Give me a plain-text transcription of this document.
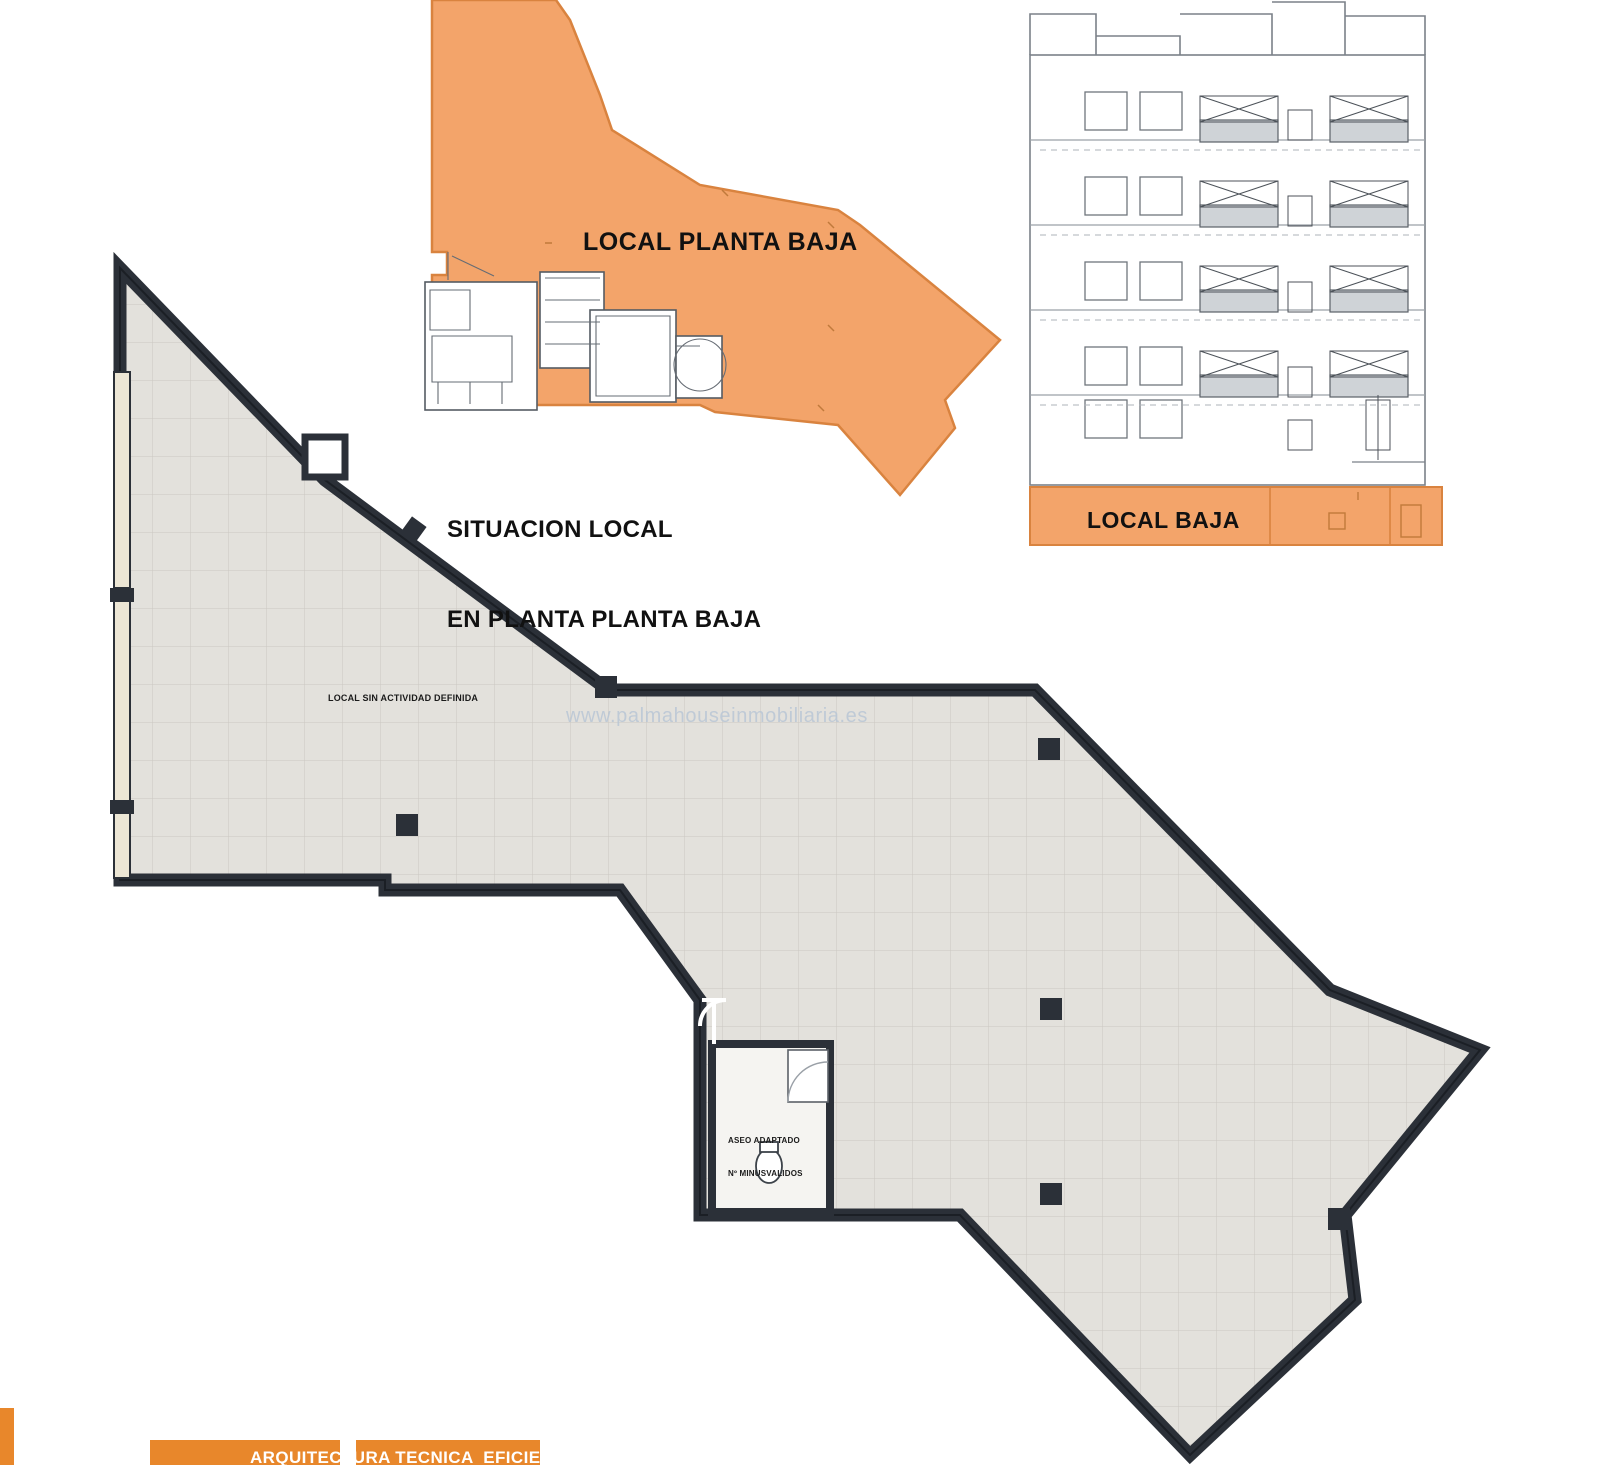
LOCAL PLANTA BAJA

SITUACION LOCAL

EN PLANTA PLANTA BAJA

LOCAL BAJA
LOCAL SIN ACTIVIDAD DEFINIDA

ASEO ADAPTADO

Nº MINUSVALIDOS

www.palmahouseinmobiliaria.es
ARQUITECTURA TECNICA  EFICIENCIA
